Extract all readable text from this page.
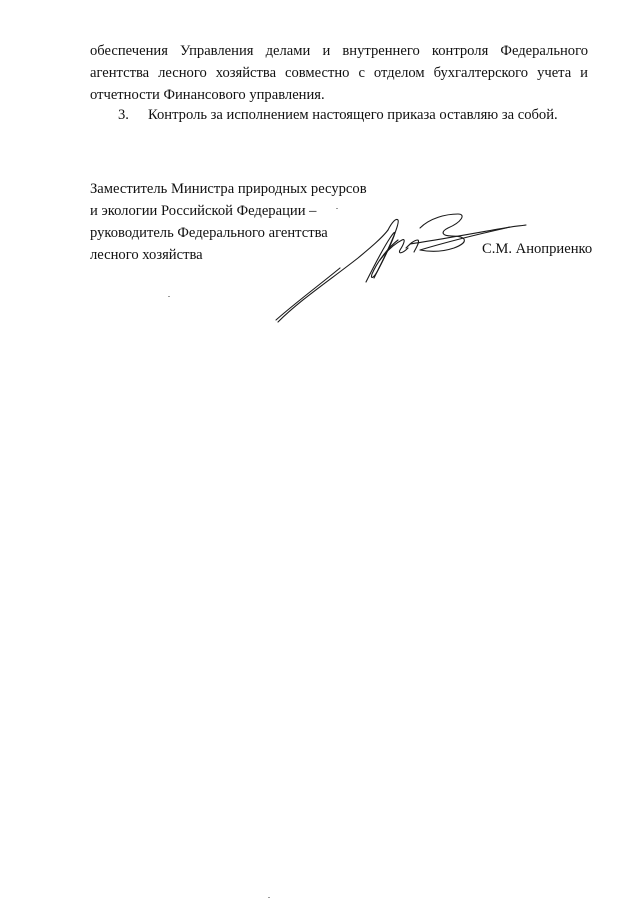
обеспечения Управления делами и внутреннего контроля Федерального
агентства лесного хозяйства совместно с отделом бухгалтерского учета и
отчетности Финансового управления.
3. Контроль за исполнением настоящего приказа оставляю за собой.
Заместитель Министра природных ресурсов
и экологии Российской Федерации –
руководитель Федерального агентства
лесного хозяйства	С.М. Аноприенко
